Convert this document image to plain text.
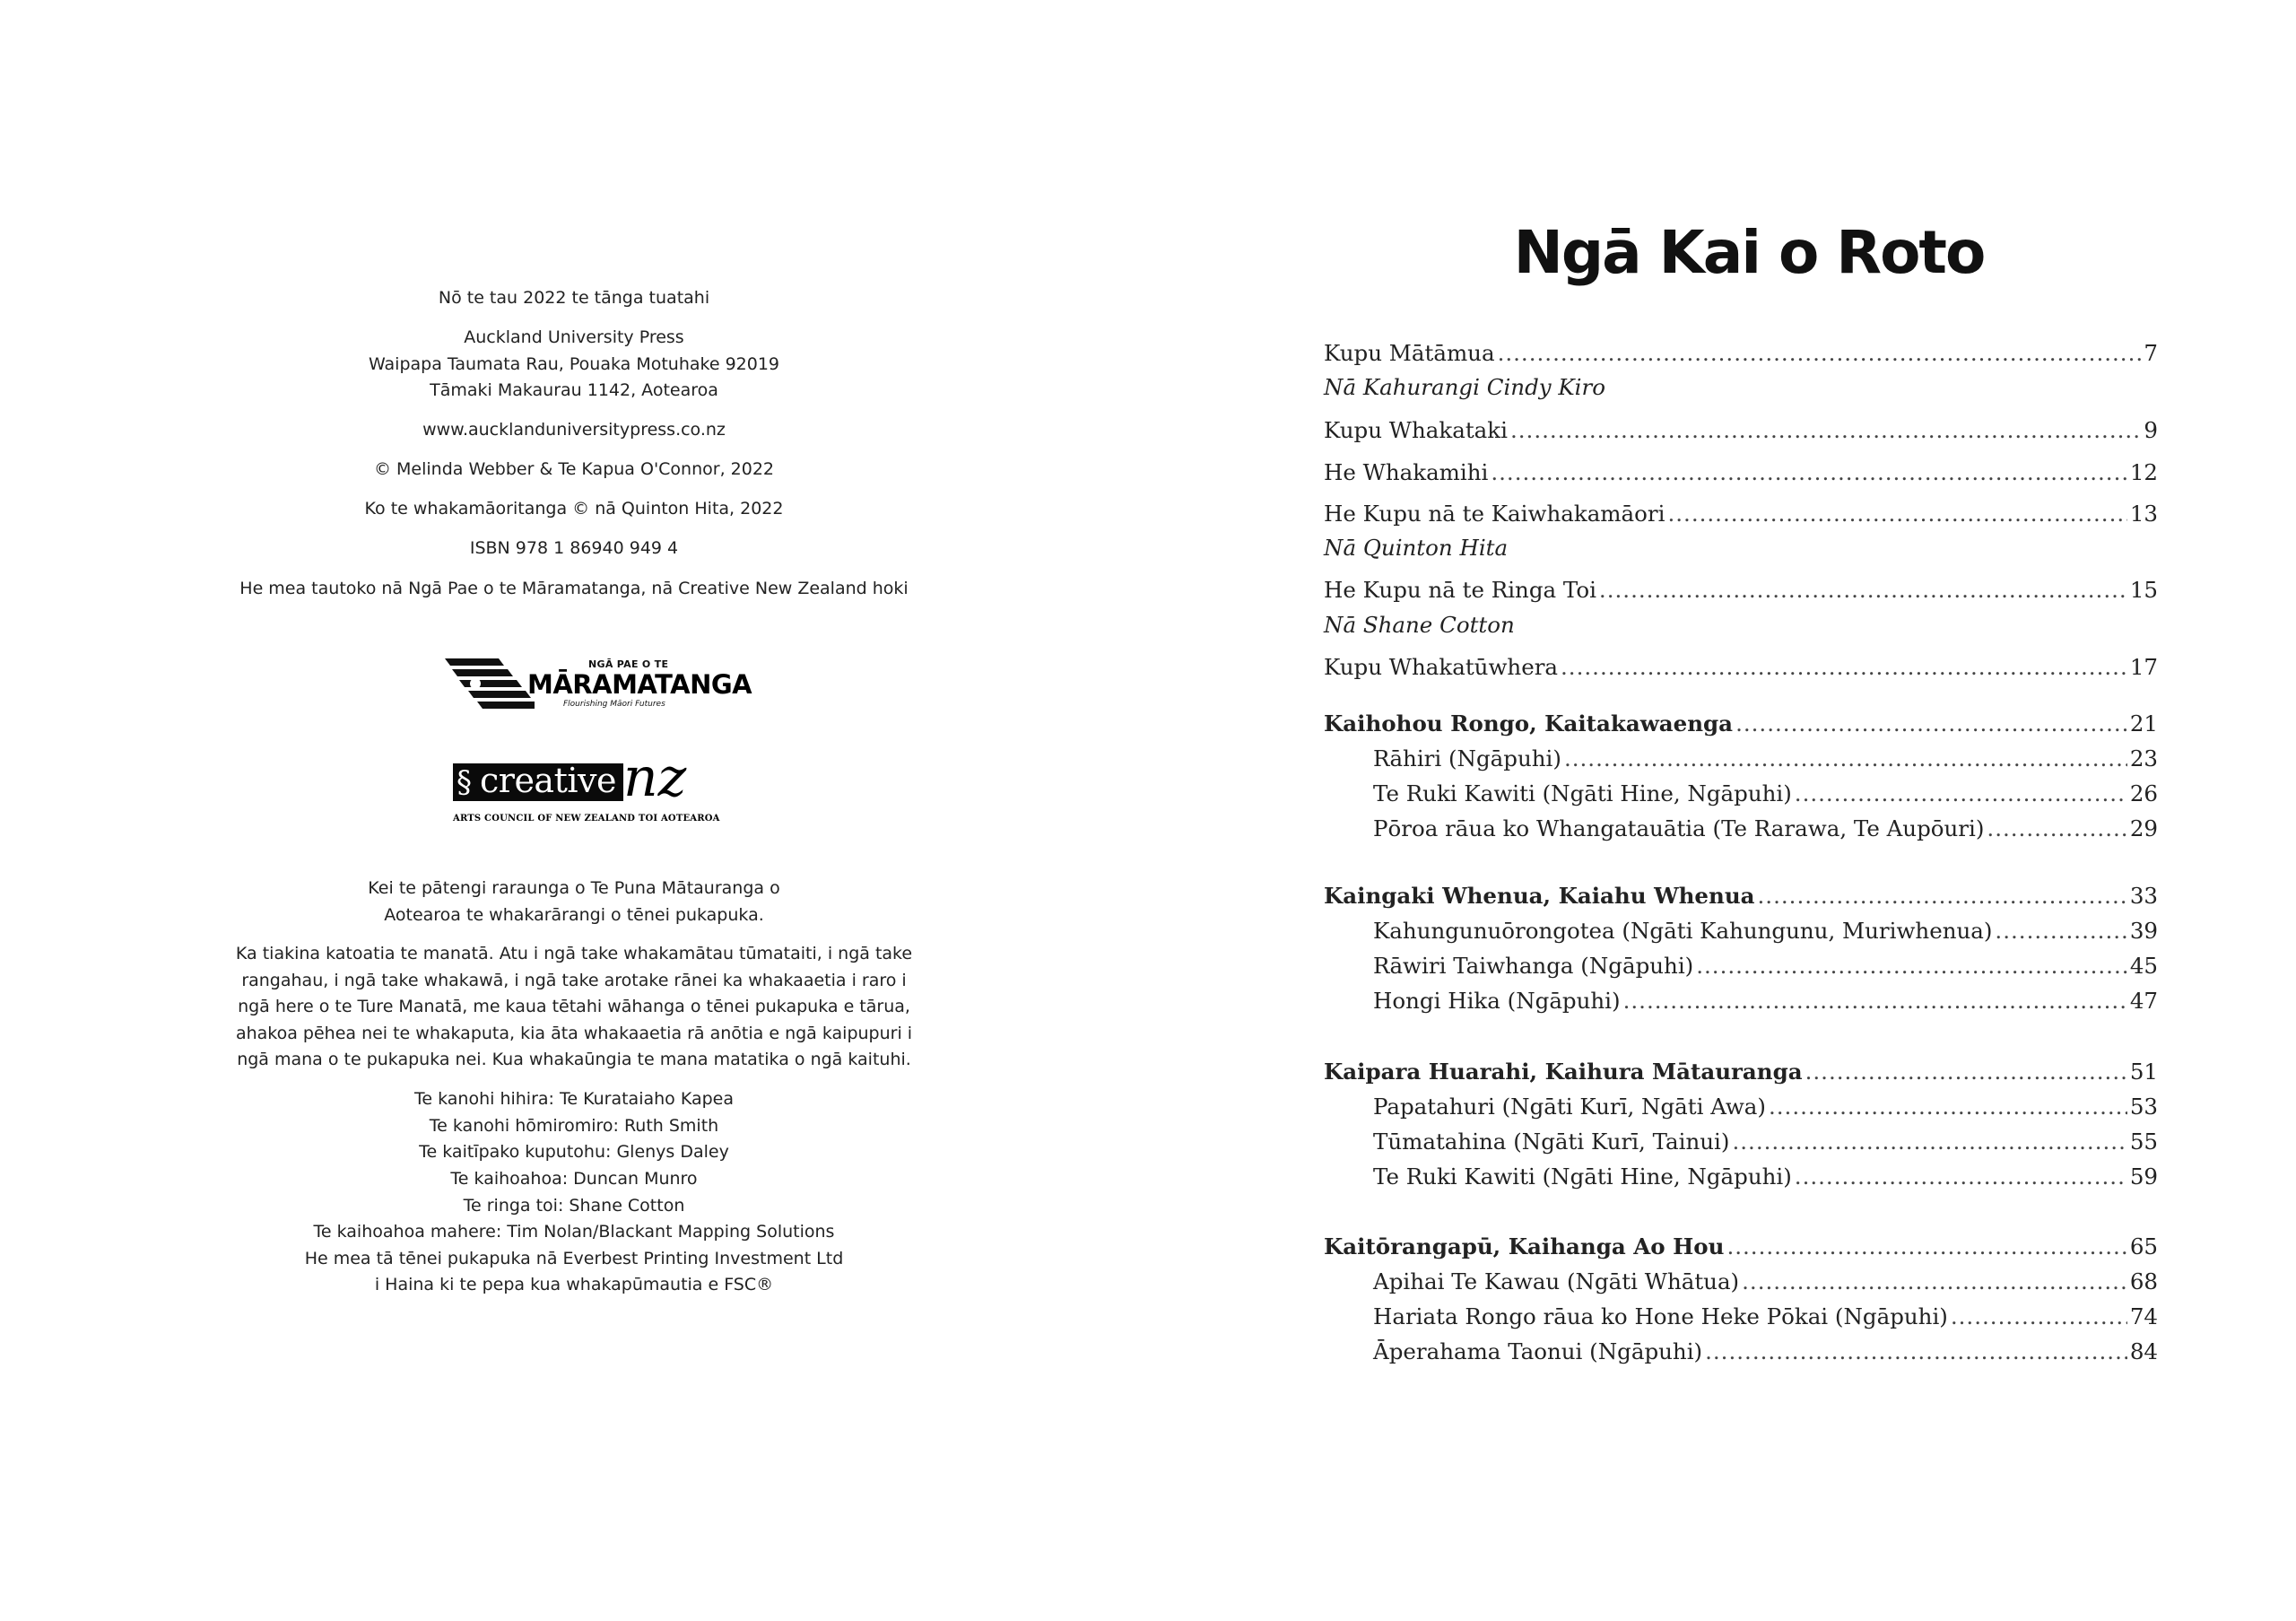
Nō te tau 2022 te tānga tuatahi

Auckland University Press

Waipapa Taumata Rau, Pouaka Motuhake 92019

Tāmaki Makaurau 1142, Aotearoa

www.aucklanduniversitypress.co.nz

© Melinda Webber & Te Kapua O'Connor, 2022

Ko te whakamāoritanga © nā Quinton Hita, 2022

ISBN 978 1 86940 949 4

He mea tautoko nā Ngā Pae o te Māramatanga, nā Creative New Zealand hoki

Kei te pātengi raraunga o Te Puna Mātauranga o

Aotearoa te whakarārangi o tēnei pukapuka.

Ka tiakina katoatia te manatā. Atu i ngā take whakamātau tūmataiti, i ngā take

rangahau, i ngā take whakawā, i ngā take arotake rānei ka whakaaetia i raro i

ngā here o te Ture Manatā, me kaua tētahi wāhanga o tēnei pukapuka e tārua,

ahakoa pēhea nei te whakaputa, kia āta whakaaetia rā anōtia e ngā kaipupuri i

ngā mana o te pukapuka nei. Kua whakaūngia te mana matatika o ngā kaituhi.

Te kanohi hihira: Te Kurataiaho Kapea

Te kanohi hōmiromiro: Ruth Smith

Te kaitīpako kuputohu: Glenys Daley

Te kaihoahoa: Duncan Munro

Te ringa toi: Shane Cotton

Te kaihoahoa mahere: Tim Nolan/Blackant Mapping Solutions

He mea tā tēnei pukapuka nā Everbest Printing Investment Ltd

i Haina ki te pepa kua whakapūmautia e FSC®

NGĀ PAE O TE
MĀRAMATANGA
Flourishing Māori Futures
§ creative nz
ARTS COUNCIL OF NEW ZEALAND TOI AOTEAROA
Ngā Kai o Roto
Kupu Mātāmua .....	7
Nā Kahurangi Cindy Kiro
Kupu Whakataki .....	9
He Whakamihi .....	12
He Kupu nā te Kaiwhakamāori .....	13
Nā Quinton Hita
He Kupu nā te Ringa Toi .....	15
Nā Shane Cotton
Kupu Whakatūwhera .....	17
Kaihohou Rongo, Kaitakawaenga .....	21
Rāhiri (Ngāpuhi) .....	23
Te Ruki Kawiti (Ngāti Hine, Ngāpuhi) .....	26
Pōroa rāua ko Whangatauātia (Te Rarawa, Te Aupōuri) .....	29
Kaingaki Whenua, Kaiahu Whenua .....	33
Kahungunuōrongotea (Ngāti Kahungunu, Muriwhenua) .....	39
Rāwiri Taiwhanga (Ngāpuhi) .....	45
Hongi Hika (Ngāpuhi) .....	47
Kaipara Huarahi, Kaihura Mātauranga .....	51
Papatahuri (Ngāti Kurī, Ngāti Awa) .....	53
Tūmatahina (Ngāti Kurī, Tainui) .....	55
Te Ruki Kawiti (Ngāti Hine, Ngāpuhi) .....	59
Kaitōrangapū, Kaihanga Ao Hou .....	65
Apihai Te Kawau (Ngāti Whātua) .....	68
Hariata Rongo rāua ko Hone Heke Pōkai (Ngāpuhi) .....	74
Āperahama Taonui (Ngāpuhi) .....	84
